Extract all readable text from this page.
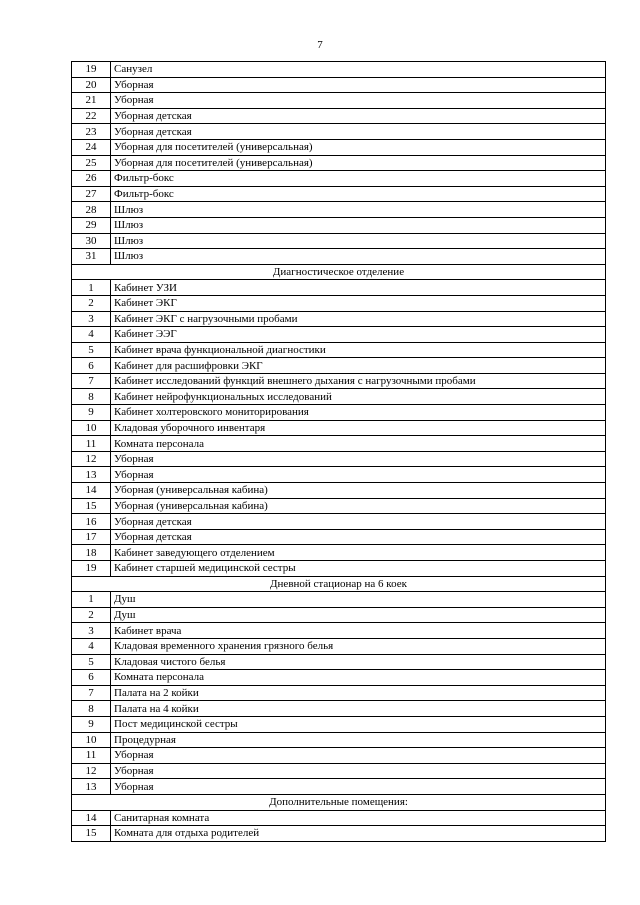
7
19	Санузел
20	Уборная
21	Уборная
22	Уборная детская
23	Уборная детская
24	Уборная для посетителей (универсальная)
25	Уборная для посетителей (универсальная)
26	Фильтр-бокс
27	Фильтр-бокс
28	Шлюз
29	Шлюз
30	Шлюз
31	Шлюз
Диагностическое отделение	
1	Кабинет УЗИ
2	Кабинет ЭКГ
3	Кабинет ЭКГ с нагрузочными пробами
4	Кабинет ЭЭГ
5	Кабинет врача функциональной диагностики
6	Кабинет для расшифровки ЭКГ
7	Кабинет исследований функций внешнего дыхания с нагрузочными пробами
8	Кабинет нейрофункциональных исследований
9	Кабинет холтеровского мониторирования
10	Кладовая уборочного инвентаря
11	Комната персонала
12	Уборная
13	Уборная
14	Уборная (универсальная кабина)
15	Уборная (универсальная кабина)
16	Уборная детская
17	Уборная детская
18	Кабинет заведующего отделением
19	Кабинет старшей медицинской сестры
Дневной стационар на 6 коек	
1	Душ
2	Душ
3	Кабинет врача
4	Кладовая временного хранения грязного белья
5	Кладовая чистого белья
6	Комната персонала
7	Палата на 2 койки
8	Палата на 4 койки
9	Пост медицинской сестры
10	Процедурная
11	Уборная
12	Уборная
13	Уборная
Дополнительные помещения:	
14	Санитарная комната
15	Комната для отдыха родителей
